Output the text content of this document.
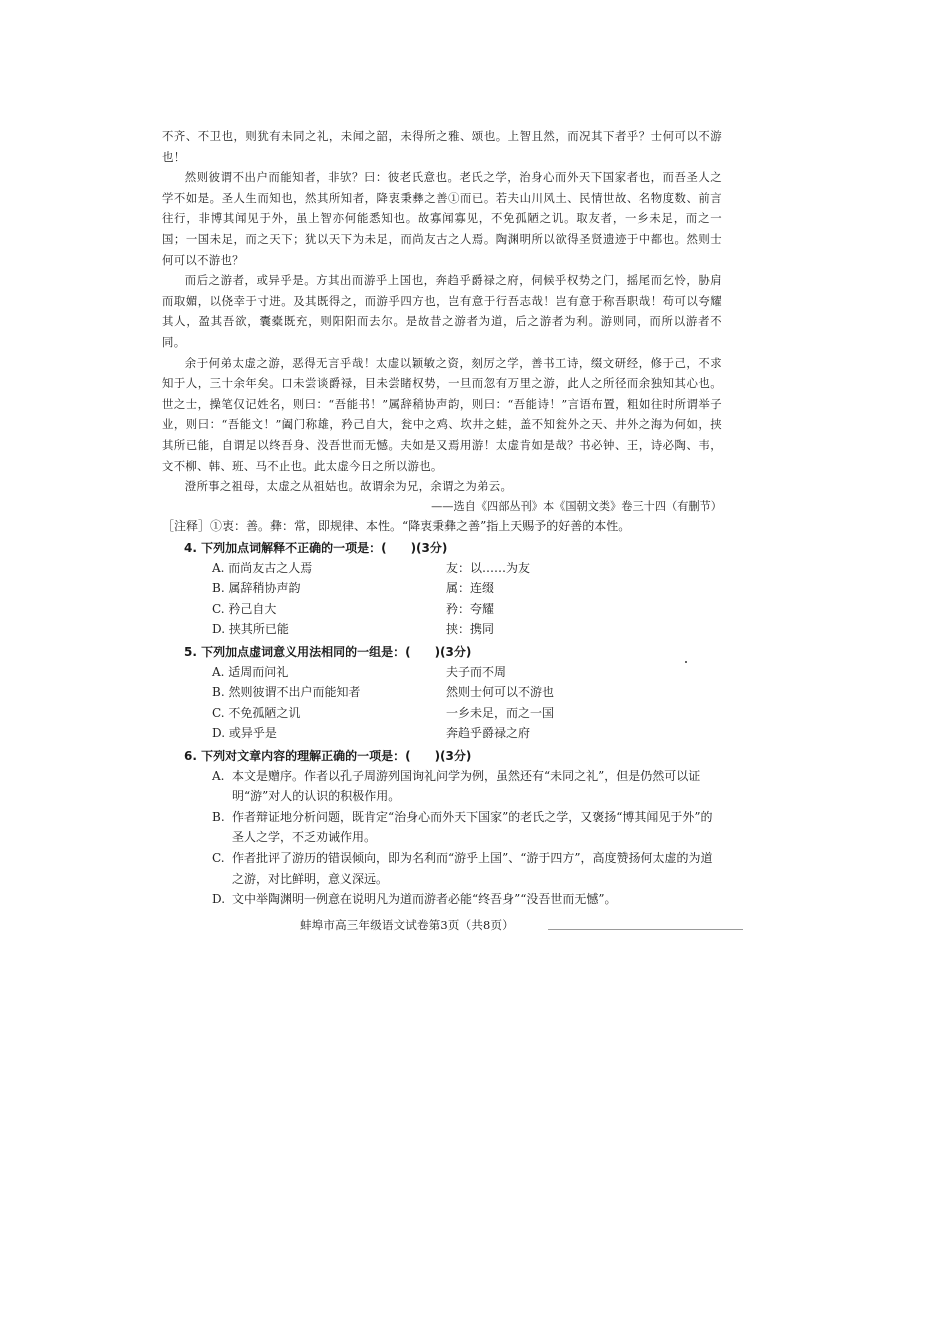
不齐、不卫也，则犹有未同之礼，未闻之韶，未得所之雅、颂也。上智且然，而况其下者乎？士何可以不游也！

然则彼谓不出户而能知者，非欤？曰：彼老氏意也。老氏之学，治身心而外天下国家者也，而吾圣人之学不如是。圣人生而知也，然其所知者，降衷秉彝之善①而已。若夫山川风土、民情世故、名物度数、前言往行，非博其闻见于外，虽上智亦何能悉知也。故寡闻寡见，不免孤陋之讥。取友者，一乡未足，而之一国；一国未足，而之天下；犹以天下为未足，而尚友古之人焉。陶渊明所以欲得圣贤遗迹于中都也。然则士何可以不游也？

而后之游者，或异乎是。方其出而游乎上国也，奔趋乎爵禄之府，伺候乎权势之门，摇尾而乞怜，胁肩而取媚，以侥幸于寸进。及其既得之，而游乎四方也，岂有意于行吾志哉！岂有意于称吾职哉！苟可以夸耀其人，盈其吾欲，囊橐既充，则阳阳而去尔。是故昔之游者为道，后之游者为利。游则同，而所以游者不同。

余于何弟太虚之游，恶得无言乎哉！太虚以颖敏之资，刻厉之学，善书工诗，缀文研经，修于己，不求知于人，三十余年矣。口未尝谈爵禄，目未尝睹权势，一旦而忽有万里之游，此人之所径而余独知其心也。世之士，操笔仅记姓名，则曰：“吾能书！”属辞稍协声韵，则曰：“吾能诗！”言语布置，粗如往时所谓举子业，则曰：“吾能文！”阖门称雄，矜己自大，瓮中之鸡、坎井之蛙，盖不知瓮外之天、井外之海为何如，挟其所已能，自谓足以终吾身、没吾世而无憾。夫如是又焉用游！太虚肯如是哉？书必钟、王，诗必陶、韦，文不柳、韩、班、马不止也。此太虚今日之所以游也。

澄所事之祖母，太虚之从祖姑也。故谓余为兄，余谓之为弟云。

——选自《四部丛刊》本《国朝文类》卷三十四（有删节）

［注释］①衷：善。彝：常，即规律、本性。“降衷秉彝之善”指上天赐予的好善的本性。

4. 下列加点词解释不正确的一项是：(　　)(3分)

A. 而尚友古之人焉	友：以……为友
B. 属辞稍协声韵	属：连缀
C. 矜己自大	矜：夸耀
D. 挟其所已能	挟：携同

5. 下列加点虚词意义用法相同的一组是：(　　)(3分)

A. 适周而问礼	夫子而不周
B. 然则彼谓不出户而能知者	然则士何可以不游也
C. 不免孤陋之讥	一乡未足，而之一国
D. 或异乎是	奔趋乎爵禄之府

6. 下列对文章内容的理解正确的一项是：(　　)(3分)

A. 本文是赠序。作者以孔子周游列国询礼问学为例，虽然还有“未同之礼”，但是仍然可以证明“游”对人的认识的积极作用。

B. 作者辩证地分析问题，既肯定“治身心而外天下国家”的老氏之学，又褒扬“博其闻见于外”的圣人之学，不乏劝诫作用。

C. 作者批评了游历的错误倾向，即为名利而“游乎上国”、“游于四方”，高度赞扬何太虚的为道之游，对比鲜明，意义深远。

D. 文中举陶渊明一例意在说明凡为道而游者必能“终吾身”“没吾世而无憾”。

蚌埠市高三年级语文试卷第3页（共8页）
